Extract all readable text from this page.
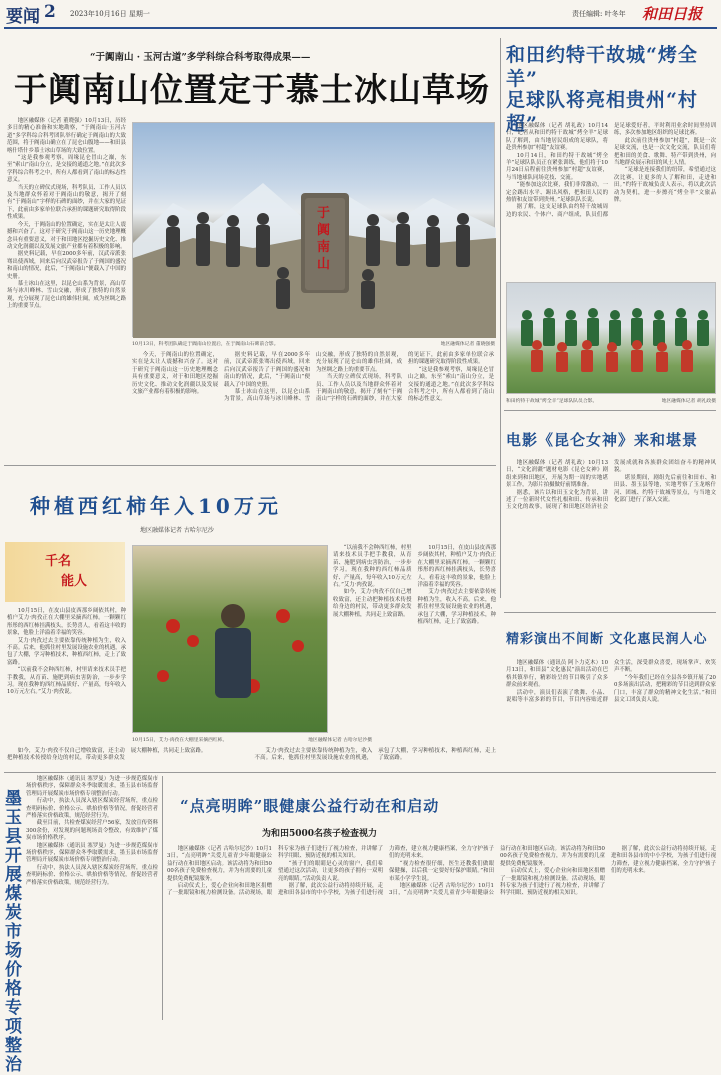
要闻 2 2023年10月16日 星期一	责任编辑: 叶冬年 和田日报
“于阗南山 · 玉河古道”多学科综合科考取得成果——
于阗南山位置定于慕士冰山草场

地区融媒体（记者 董晓强）10月13日，历经多日的精心准备和实地勘察，“于阗南山·玉河古道”多学科综合科考团队举行确定于阗南山的大致范围，将于阗南山确立在了昆仑山腹地——和田县喀什塔什乡慕士冰山草场的大致位置。

“这是我参观考察，周缘昆仑冒山之巅，东至“索山”南山分立，是交接的通道之地。”在此次多学科综合科考之中，所有人都看到了南山的标志性意义。

当天的立碑仪式现场，科考队员、工作人员以及当地群众怀着对于阗南山的敬意，揭开了刻有“于阗南山”字样的石碑的面纱，并在大家的见证下，此前由多家单位联合承担的课题研究取得阶段性成果。

今天，于阗南山的位置确定，实在是太让人震撼和兴奋了。这对于研究于阗南山这一历史地理概念具有重要意义，对于和田地区挖掘历史文化、推动文化润疆以及发展文旅产业都有着积极的影响。

据史料记载，早在2000多年前，汉武帝派张骞出使西域，回来后向汉武帝报告了于阗国的盛况和南山的情况，此后，“于阗南山”便载入了中国的史册。

慕士冰山在这里，以昆仑山系为背景，高山草场与冰川峰林、雪山交融，形成了独特的自然景观，充分展现了昆仑山的雄伟壮阔，成为丝绸之路上的重要节点。

于阗南山
10月13日，科考团队确定于阗南山位置后，在于阗南山石碑前合影。	地区融媒体记者 董晓强摄

今天，于阗南山的位置确定，实在是太让人震撼和兴奋了。这对于研究于阗南山这一历史地理概念具有重要意义，对于和田地区挖掘历史文化、推动文化润疆以及发展文旅产业都有着积极的影响。

据史料记载，早在2000多年前，汉武帝派张骞出使西域，回来后向汉武帝报告了于阗国的盛况和南山的情况，此后，“于阗南山”便载入了中国的史册。

慕士冰山在这里，以昆仑山系为背景，高山草场与冰川峰林、雪山交融，形成了独特的自然景观，充分展现了昆仑山的雄伟壮阔，成为丝绸之路上的重要节点。

当天的立碑仪式现场，科考队员、工作人员以及当地群众怀着对于阗南山的敬意，揭开了刻有“于阗南山”字样的石碑的面纱，并在大家的见证下，此前由多家单位联合承担的课题研究取得阶段性成果。

“这是我参观考察，周缘昆仑冒山之巅，东至“索山”南山分立，是交接的通道之地。”在此次多学科综合科考之中，所有人都看到了南山的标志性意义。

和田约特干故城“烤全羊”
足球队将亮相贵州“村超”

地区融媒体（记者 胡礼政）10月14日，记者从和田约特干故城“烤全羊”足球队了解到，由当地居民组成的足球队，将赴贵州参加“村超”友谊赛。

10月14日，和田约特干故城“烤全羊”足球队队员正在紧张训练，他们将于10月24日启程前往贵州参加“村超”友谊赛，与当地球队同场竞技、交流。

“能参加这次比赛，我们非常激动，一定会踢出水平、踢出风格，把和田人民的热情和友谊带到贵州。”足球队队长说。

据了解，这支足球队由约特干故城周边的农民、个体户、商户组成，队员们都是足球爱好者，平时利用业余时间坚持训练，多次参加地区组织的足球比赛。

此次前往贵州参加“村超”，既是一次足球交流，也是一次文化交流，队员们将把和田的美食、歌舞、特产带到贵州，向当地群众展示和田的风土人情。

“足球是连接我们的纽带，希望通过这次比赛，让更多的人了解和田，走进和田。”约特干故城负责人表示，将以此次活动为契机，进一步擦亮“烤全羊”文旅品牌。

和田约特干故城“烤全羊”足球队队员合影。	地区融媒体记者 胡礼政摄
种植西红柿年入10万元
地区融媒体记者 古哈尔尼沙
千名
能人

10月15日，在皮山县皮西那乡阔依其村，种植户艾力·肉孜正在大棚里采摘西红柿。一颗颗红彤彤的西红柿挂满枝头，长势喜人，看着这丰收的景象，他脸上洋溢着幸福的笑容。

艾力·肉孜过去主要依靠传统种植为生，收入不高。后来，他抓住村里发展设施农业的机遇，承包了大棚，学习种植技术，种植西红柿，走上了致富路。

“以前我不会种西红柿，村里请来技术员手把手教我，从育苗、施肥到病虫害防治，一步步学习。现在我种的西红柿品质好、产量高，每年收入10万元左右。”艾力·肉孜说。

10月15日，艾力·肉孜在大棚里采摘西红柿。	地区融媒体记者 古哈尔尼沙摄

“以前我不会种西红柿，村里请来技术员手把手教我，从育苗、施肥到病虫害防治，一步步学习。现在我种的西红柿品质好、产量高，每年收入10万元左右。”艾力·肉孜说。

如今，艾力·肉孜不仅自己增收致富，还主动把种植技术传授给身边的村民，带动更多群众发展大棚种植，共同走上致富路。

10月15日，在皮山县皮西那乡阔依其村，种植户艾力·肉孜正在大棚里采摘西红柿。一颗颗红彤彤的西红柿挂满枝头，长势喜人，看着这丰收的景象，他脸上洋溢着幸福的笑容。

艾力·肉孜过去主要依靠传统种植为生，收入不高。后来，他抓住村里发展设施农业的机遇，承包了大棚，学习种植技术，种植西红柿，走上了致富路。

如今，艾力·肉孜不仅自己增收致富，还主动把种植技术传授给身边的村民，带动更多群众发展大棚种植，共同走上致富路。	艾力·肉孜过去主要依靠传统种植为生，收入不高。后来，他抓住村里发展设施农业的机遇，承包了大棚，学习种植技术，种植西红柿，走上了致富路。

电影《昆仑女神》来和堪景

地区融媒体（记者 胡礼政）10月13日，“文化润疆”题材电影《昆仑女神》剧组来到和田地区，开展为期一周的实地堪景工作，为影片拍摄做好前期准备。

据悉，该片以和田玉文化为背景，讲述了一位新时代女性扎根和田、传承和田玉文化的故事，展现了和田地区经济社会发展成就和各族群众团结奋斗的精神风貌。

堪景期间，剧组先后前往和田市、和田县、墨玉县等地，实地考察了玉龙喀什河、团城、约特干故城等景点，与当地文化部门进行了深入交流。

精彩演出不间断 文化惠民润人心

地区融媒体（通讯员 阿卜力克木）10月13日，和田县“文化惠民”演出活动在巴格其镇举行，精彩纷呈的节目吸引了众多群众前来观看。

活动中，演员们表演了歌舞、小品、说唱等丰富多彩的节目，节目内容贴近群众生活，深受群众喜爱，现场掌声、欢笑声不断。

“今年我们已经在全县各乡镇开展了200多场演出活动，把精彩的节目送到群众家门口，丰富了群众的精神文化生活。”和田县文工团负责人说。

地区融媒体（通讯员 塞罗曼）为进一步规范煤炭市场价格秩序，保障群众冬季取暖需求，墨玉县市场监督管理局开展煤炭市场价格专项整治行动。

行动中，执法人员深入辖区煤炭经营场所，重点检查明码标价、价格公示、哄抬价格等情况，督促经营者严格落实价格政策，规范经营行为。

截至目前，共检查煤炭经营户56家，发放宣传资料300余份，对发现的问题现场责令整改，有效维护了煤炭市场价格秩序。

地区融媒体（通讯员 塞罗曼）为进一步规范煤炭市场价格秩序，保障群众冬季取暖需求，墨玉县市场监督管理局开展煤炭市场价格专项整治行动。

行动中，执法人员深入辖区煤炭经营场所，重点检查明码标价、价格公示、哄抬价格等情况，督促经营者严格落实价格政策，规范经营行为。

墨玉县开展煤炭市场价格专项整治
“点亮明眸”眼健康公益行动在和启动
为和田5000名孩子检查视力

地区融媒体（记者 古哈尔尼沙）10月13日，“点亮明眸”关爱儿童青少年眼健康公益行动在和田地区启动。该活动将为和田5000名孩子免费检查视力，并为有需要的儿童提供免费配镜服务。

启动仪式上，爱心企业向和田地区捐赠了一批眼镜和视力检测设备。活动现场，眼科专家为孩子们进行了视力检查，并讲解了科学用眼、预防近视的相关知识。

“孩子们的眼睛是心灵的窗户，我们希望通过这次活动，让更多的孩子拥有一双明亮的眼睛。”活动负责人说。

据了解，此次公益行动将持续开展，走进和田各县市的中小学校，为孩子们进行视力筛查，建立视力健康档案，全力守护孩子们的光明未来。

“视力检查很仔细，医生还教我们做眼保健操，以后我一定要好好保护眼睛。”和田市某小学学生说。

地区融媒体（记者 古哈尔尼沙）10月13日，“点亮明眸”关爱儿童青少年眼健康公益行动在和田地区启动。该活动将为和田5000名孩子免费检查视力，并为有需要的儿童提供免费配镜服务。

启动仪式上，爱心企业向和田地区捐赠了一批眼镜和视力检测设备。活动现场，眼科专家为孩子们进行了视力检查，并讲解了科学用眼、预防近视的相关知识。

据了解，此次公益行动将持续开展，走进和田各县市的中小学校，为孩子们进行视力筛查，建立视力健康档案，全力守护孩子们的光明未来。
